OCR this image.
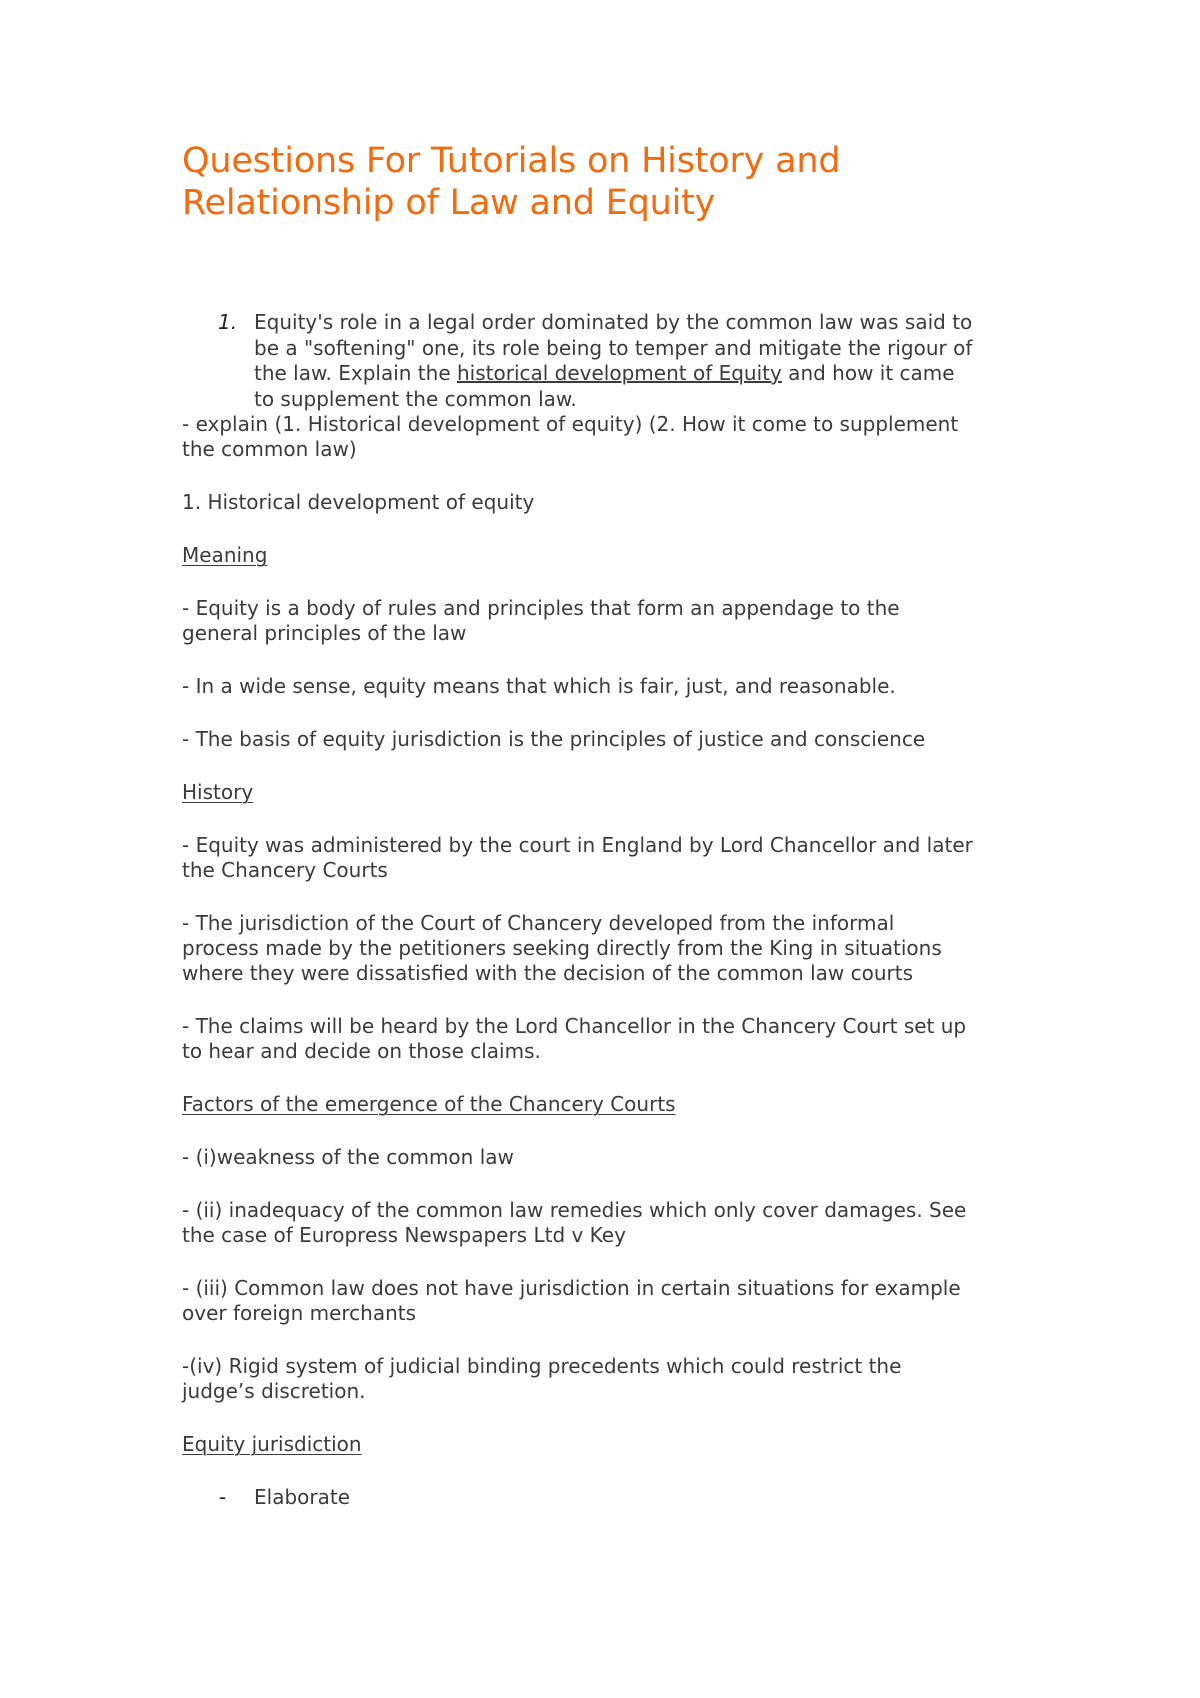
Questions For Tutorials on History and
Relationship of Law and Equity
1. Equity's role in a legal order dominated by the common law was said to
be a "softening" one, its role being to temper and mitigate the rigour of
the law. Explain the historical development of Equity and how it came
to supplement the common law.

- explain (1. Historical development of equity) (2. How it come to supplement
the common law)

1. Historical development of equity

Meaning

- Equity is a body of rules and principles that form an appendage to the
general principles of the law

- In a wide sense, equity means that which is fair, just, and reasonable.

- The basis of equity jurisdiction is the principles of justice and conscience

History

- Equity was administered by the court in England by Lord Chancellor and later
the Chancery Courts

- The jurisdiction of the Court of Chancery developed from the informal
process made by the petitioners seeking directly from the King in situations
where they were dissatisfied with the decision of the common law courts

- The claims will be heard by the Lord Chancellor in the Chancery Court set up
to hear and decide on those claims.

Factors of the emergence of the Chancery Courts

- (i)weakness of the common law

- (ii) inadequacy of the common law remedies which only cover damages. See
the case of Europress Newspapers Ltd v Key

- (iii) Common law does not have jurisdiction in certain situations for example
over foreign merchants

-(iv) Rigid system of judicial binding precedents which could restrict the
judge’s discretion.

Equity jurisdiction

- Elaborate
